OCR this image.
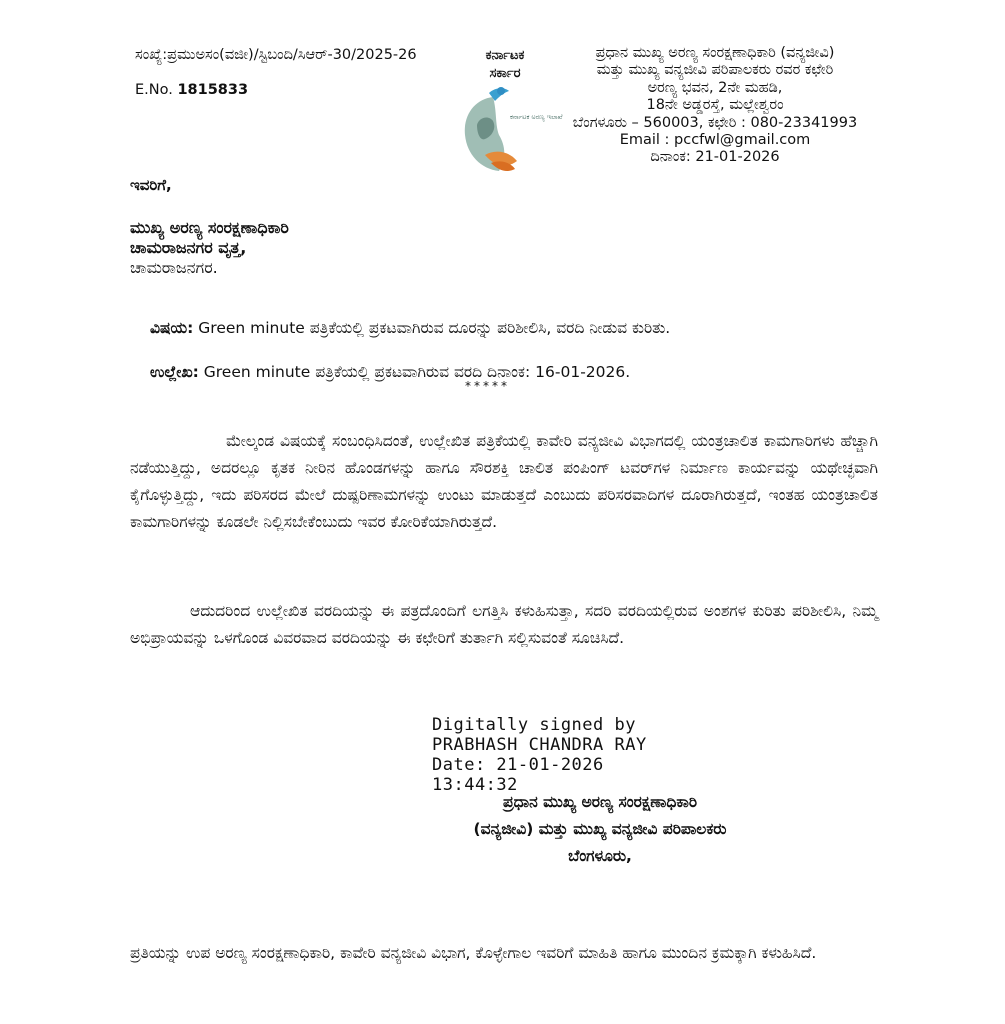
ಸಂಖ್ಯೆ:ಪ್ರಮುಅಸಂ(ವಜೀ)/ಸ್ಟಿಬಂದಿ/ಸಿಆರ್-30/2025-26
E.No. 1815833
ಕರ್ನಾಟಕ
ಸರ್ಕಾರ
ಕರ್ನಾಟಕ ಅರಣ್ಯ ಇಲಾಖೆ
ಪ್ರಧಾನ ಮುಖ್ಯ ಅರಣ್ಯ ಸಂರಕ್ಷಣಾಧಿಕಾರಿ (ವನ್ಯಜೀವಿ)
ಮತ್ತು ಮುಖ್ಯ ವನ್ಯಜೀವಿ ಪರಿಪಾಲಕರು ರವರ ಕಛೇರಿ
ಅರಣ್ಯ ಭವನ, 2ನೇ ಮಹಡಿ,
18ನೇ ಅಡ್ಡರಸ್ತೆ, ಮಲ್ಲೇಶ್ವರಂ
ಬೆಂಗಳೂರು – 560003, ಕಛೇರಿ : 080-23341993
Email : pccfwl@gmail.com
ದಿನಾಂಕ: 21-01-2026
ಇವರಿಗೆ,
ಮುಖ್ಯ ಅರಣ್ಯ ಸಂರಕ್ಷಣಾಧಿಕಾರಿ
ಚಾಮರಾಜನಗರ ವೃತ್ತ,
ಚಾಮರಾಜನಗರ.
ವಿಷಯ: Green minute ಪತ್ರಿಕೆಯಲ್ಲಿ ಪ್ರಕಟವಾಗಿರುವ ದೂರನ್ನು ಪರಿಶೀಲಿಸಿ, ವರದಿ ನೀಡುವ ಕುರಿತು.
ಉಲ್ಲೇಖ: Green minute ಪತ್ರಿಕೆಯಲ್ಲಿ ಪ್ರಕಟವಾಗಿರುವ ವರದಿ ದಿನಾಂಕ: 16-01-2026.
*****
ಮೇಲ್ಕಂಡ ವಿಷಯಕ್ಕೆ ಸಂಬಂಧಿಸಿದಂತೆ, ಉಲ್ಲೇಖಿತ ಪತ್ರಿಕೆಯಲ್ಲಿ ಕಾವೇರಿ ವನ್ಯಜೀವಿ ವಿಭಾಗದಲ್ಲಿ ಯಂತ್ರಚಾಲಿತ ಕಾಮಗಾರಿಗಳು ಹೆಚ್ಚಾಗಿ ನಡೆಯುತ್ತಿದ್ದು, ಅದರಲ್ಲೂ ಕೃತಕ ನೀರಿನ ಹೊಂಡಗಳನ್ನು ಹಾಗೂ ಸೌರಶಕ್ತಿ ಚಾಲಿತ ಪಂಪಿಂಗ್ ಟವರ್‌ಗಳ ನಿರ್ಮಾಣ ಕಾರ್ಯವನ್ನು ಯಥೇಚ್ಛವಾಗಿ ಕೈಗೊಳ್ಳುತ್ತಿದ್ದು, ಇದು ಪರಿಸರದ ಮೇಲೆ ದುಷ್ಪರಿಣಾಮಗಳನ್ನು ಉಂಟು ಮಾಡುತ್ತದೆ ಎಂಬುದು ಪರಿಸರವಾದಿಗಳ ದೂರಾಗಿರುತ್ತದೆ, ಇಂತಹ ಯಂತ್ರಚಾಲಿತ ಕಾಮಗಾರಿಗಳನ್ನು ಕೂಡಲೇ ನಿಲ್ಲಿಸಬೇಕೆಂಬುದು ಇವರ ಕೋರಿಕೆಯಾಗಿರುತ್ತದೆ.
ಆದುದರಿಂದ ಉಲ್ಲೇಖಿತ ವರದಿಯನ್ನು ಈ ಪತ್ರದೊಂದಿಗೆ ಲಗತ್ತಿಸಿ ಕಳುಹಿಸುತ್ತಾ, ಸದರಿ ವರದಿಯಲ್ಲಿರುವ ಅಂಶಗಳ ಕುರಿತು ಪರಿಶೀಲಿಸಿ, ನಿಮ್ಮ ಅಭಿಪ್ರಾಯವನ್ನು ಒಳಗೊಂಡ ವಿವರವಾದ ವರದಿಯನ್ನು ಈ ಕಛೇರಿಗೆ ತುರ್ತಾಗಿ ಸಲ್ಲಿಸುವಂತೆ ಸೂಚಿಸಿದೆ.
Digitally signed by
PRABHASH CHANDRA RAY
Date: 21-01-2026
13:44:32
ಪ್ರಧಾನ ಮುಖ್ಯ ಅರಣ್ಯ ಸಂರಕ್ಷಣಾಧಿಕಾರಿ
(ವನ್ಯಜೀವಿ) ಮತ್ತು ಮುಖ್ಯ ವನ್ಯಜೀವಿ ಪರಿಪಾಲಕರು
ಬೆಂಗಳೂರು,
ಪ್ರತಿಯನ್ನು ಉಪ ಅರಣ್ಯ ಸಂರಕ್ಷಣಾಧಿಕಾರಿ, ಕಾವೇರಿ ವನ್ಯಜೀವಿ ವಿಭಾಗ, ಕೊಳ್ಳೇಗಾಲ ಇವರಿಗೆ ಮಾಹಿತಿ ಹಾಗೂ ಮುಂದಿನ ಕ್ರಮಕ್ಕಾಗಿ ಕಳುಹಿಸಿದೆ.
